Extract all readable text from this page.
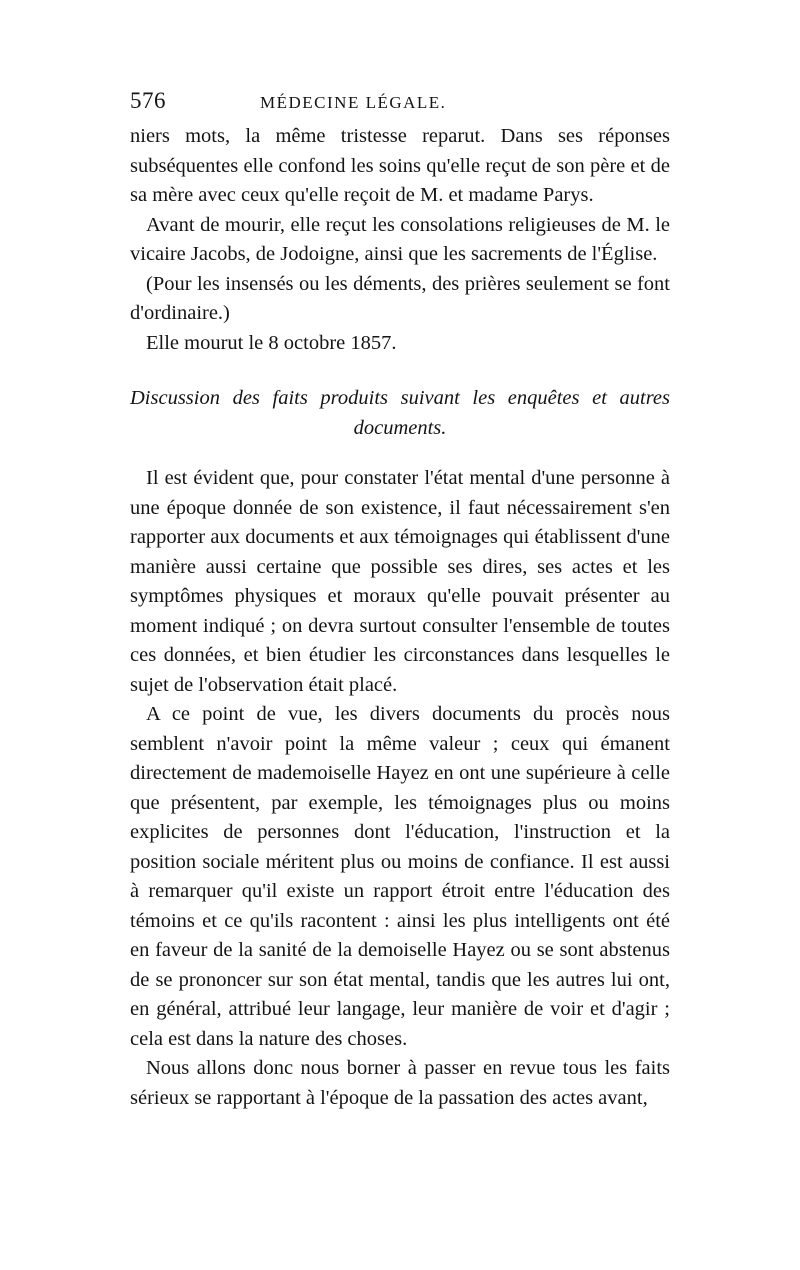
576	MÉDECINE LÉGALE.

niers mots, la même tristesse reparut. Dans ses réponses subséquentes elle confond les soins qu'elle reçut de son père et de sa mère avec ceux qu'elle reçoit de M. et madame Parys.

Avant de mourir, elle reçut les consolations religieuses de M. le vicaire Jacobs, de Jodoigne, ainsi que les sacrements de l'Église.

(Pour les insensés ou les déments, des prières seulement se font d'ordinaire.)

Elle mourut le 8 octobre 1857.

Discussion des faits produits suivant les enquêtes et autres
documents.

Il est évident que, pour constater l'état mental d'une personne à une époque donnée de son existence, il faut nécessairement s'en rapporter aux documents et aux témoignages qui établissent d'une manière aussi certaine que possible ses dires, ses actes et les symptômes physiques et moraux qu'elle pouvait présenter au moment indiqué ; on devra surtout consulter l'ensemble de toutes ces données, et bien étudier les circonstances dans lesquelles le sujet de l'observation était placé.

A ce point de vue, les divers documents du procès nous semblent n'avoir point la même valeur ; ceux qui émanent directement de mademoiselle Hayez en ont une supérieure à celle que présentent, par exemple, les témoignages plus ou moins explicites de personnes dont l'éducation, l'instruction et la position sociale méritent plus ou moins de confiance. Il est aussi à remarquer qu'il existe un rapport étroit entre l'éducation des témoins et ce qu'ils racontent : ainsi les plus intelligents ont été en faveur de la sanité de la demoiselle Hayez ou se sont abstenus de se prononcer sur son état mental, tandis que les autres lui ont, en général, attribué leur langage, leur manière de voir et d'agir ; cela est dans la nature des choses.

Nous allons donc nous borner à passer en revue tous les faits sérieux se rapportant à l'époque de la passation des actes avant,
